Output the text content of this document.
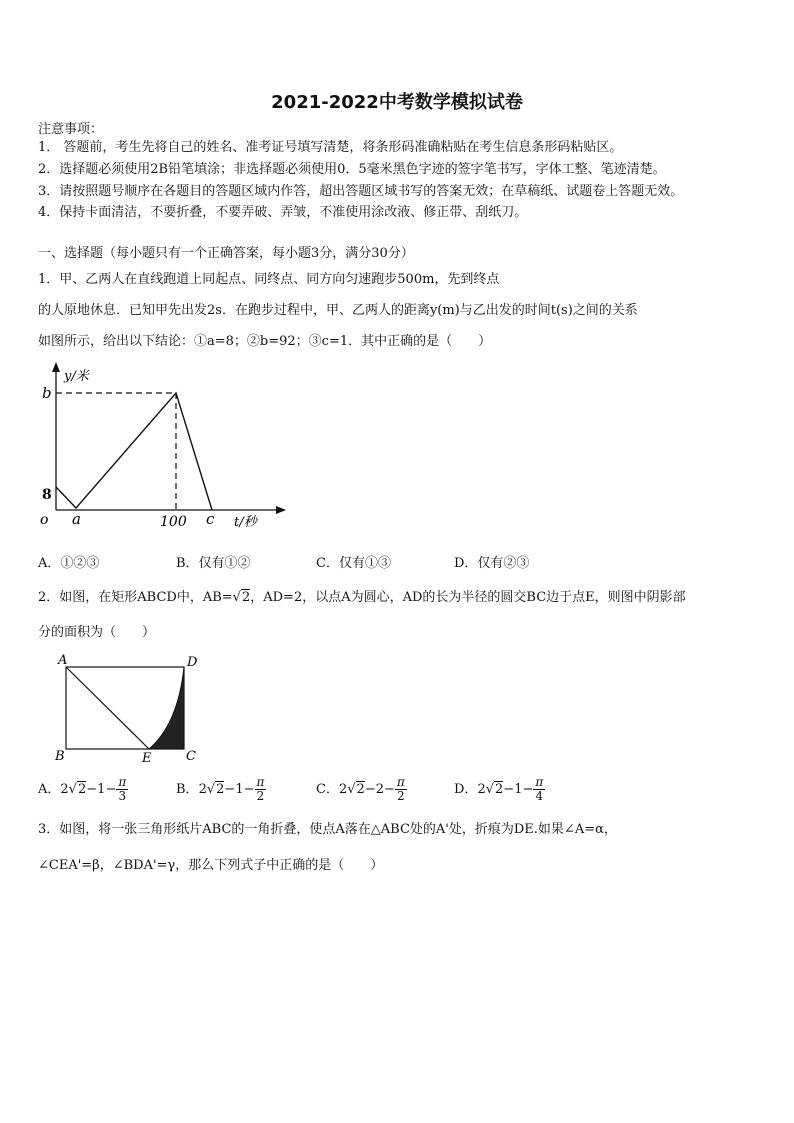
2021-2022中考数学模拟试卷
注意事项：
1． 答题前，考生先将自己的姓名、准考证号填写清楚，将条形码准确粘贴在考生信息条形码粘贴区。
2．选择题必须使用2B铅笔填涂；非选择题必须使用0．5毫米黑色字迹的签字笔书写，字体工整、笔迹清楚。
3．请按照题号顺序在各题目的答题区域内作答，超出答题区域书写的答案无效；在草稿纸、试题卷上答题无效。
4．保持卡面清洁，不要折叠，不要弄破、弄皱，不准使用涂改液、修正带、刮纸刀。
一、选择题（每小题只有一个正确答案，每小题3分，满分30分）
1．甲、乙两人在直线跑道上同起点、同终点、同方向匀速跑步500m，先到终点
的人原地休息．已知甲先出发2s．在跑步过程中，甲、乙两人的距离y(m)与乙出发的时间t(s)之间的关系
如图所示，给出以下结论：①a=8；②b=92；③c=1．其中正确的是（　　）
y/米
b
8
o a	100 c t/秒
A．①②③	B．仅有①②	C．仅有①③	D．仅有②③
2．如图，在矩形ABCD中，AB=√2，AD=2，以点A为圆心，AD的长为半径的圆交BC边于点E，则图中阴影部
分的面积为（　　）
A	D
B	E	C
A．$2√2-1- \frac{\pi}{3}$	B．$2√2-1- \frac{\pi}{2}$	C．$2√2-2- \frac{\pi}{2}$	D．$2√2-1- \frac{\pi}{4}$
3．如图，将一张三角形纸片ABC的一角折叠，使点A落在△ABC处的A'处，折痕为DE.如果∠A=α，
∠CEA'=β，∠BDA'=γ，那么下列式子中正确的是（　　）
